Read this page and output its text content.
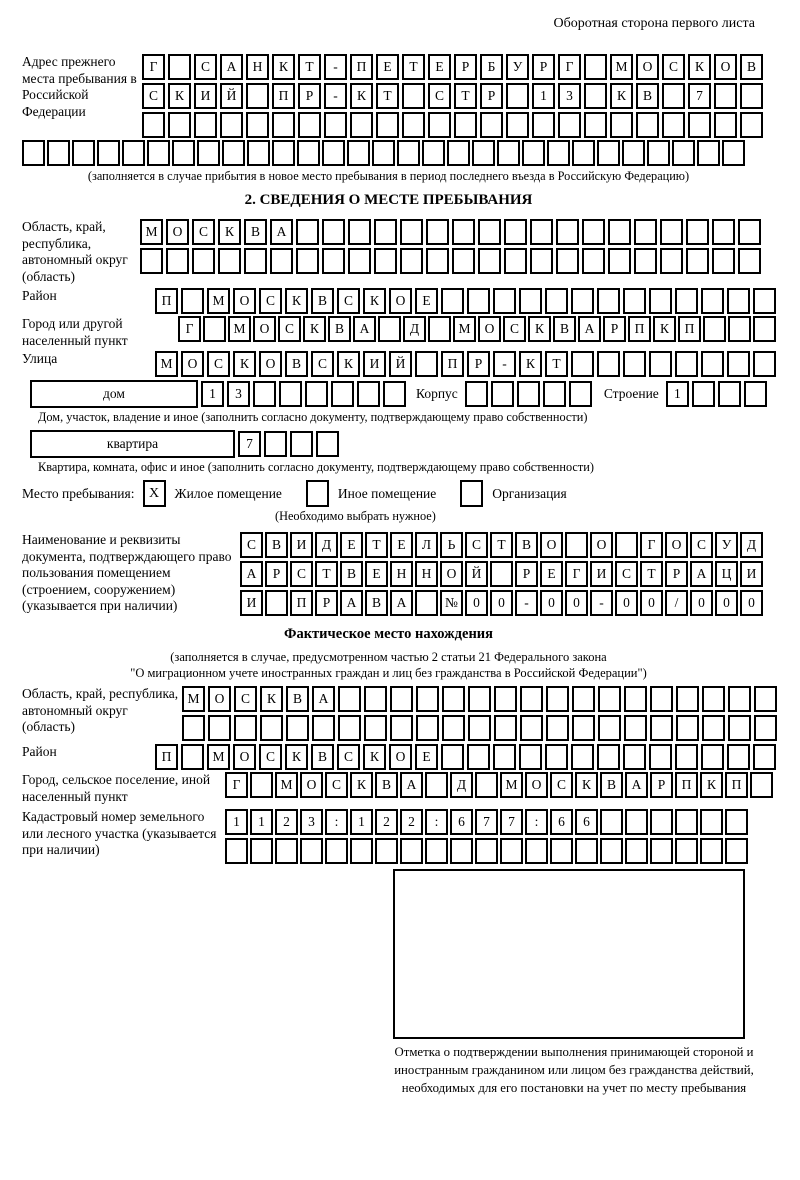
Оборотная сторона первого листа
Адрес прежнего места пребывания в Российской Федерации
Г	С	А	Н	К	Т	-	П	Е	Т	Е	Р	Б	У	Р	Г	М	О	С	К	О	В
С	К	И	Й	П	Р	-	К	Т	С	Т	Р	1	3	К	В	7
(заполняется в случае прибытия в новое место пребывания в период последнего въезда в Российскую Федерацию)
2. СВЕДЕНИЯ О МЕСТЕ ПРЕБЫВАНИЯ
Область, край, республика, автономный округ (область)
М	О	С	К	В	А
Район	П	М	О	С	К	В	С	К	О	Е
Город или другой населенный пункт
Г	М	О	С	К	В	А	Д	М	О	С	К	В	А	Р	П	К	П
Улица	М	О	С	К	О	В	С	К	И	Й	П	Р	-	К	Т
дом	1	3	Корпус	Строение	1
Дом, участок, владение и иное (заполнить согласно документу, подтверждающему право собственности)
квартира	7
Квартира, комната, офис и иное (заполнить согласно документу, подтверждающему право собственности)
Место пребывания:	X	Жилое помещение	Иное помещение	Организация
(Необходимо выбрать нужное)
Наименование и реквизиты документа, подтверждающего право пользования помещением (строением, сооружением) (указывается при наличии)
С	В	И	Д	Е	Т	Е	Л	Ь	С	Т	В	О	О	Г	О	С	У	Д
А	Р	С	Т	В	Е	Н	Н	О	Й	Р	Е	Г	И	С	Т	Р	А	Ц	И
И	П	Р	А	В	А	№	0	0	-	0	0	-	0	0	/	0	0	0
Фактическое место нахождения
(заполняется в случае, предусмотренном частью 2 статьи 21 Федерального закона
"О миграционном учете иностранных граждан и лиц без гражданства в Российской Федерации")
Область, край, республика, автономный округ (область)
М	О	С	К	В	А
Район	П	М	О	С	К	В	С	К	О	Е
Город, сельское поселение, иной населенный пункт
Г	М	О	С	К	В	А	Д	М	О	С	К	В	А	Р	П	К	П
Кадастровый номер земельного или лесного участка (указывается при наличии)
1	1	2	3	:	1	2	2	:	6	7	7	:	6	6
Отметка о подтверждении выполнения принимающей стороной и иностранным гражданином или лицом без гражданства действий, необходимых для его постановки на учет по месту пребывания
